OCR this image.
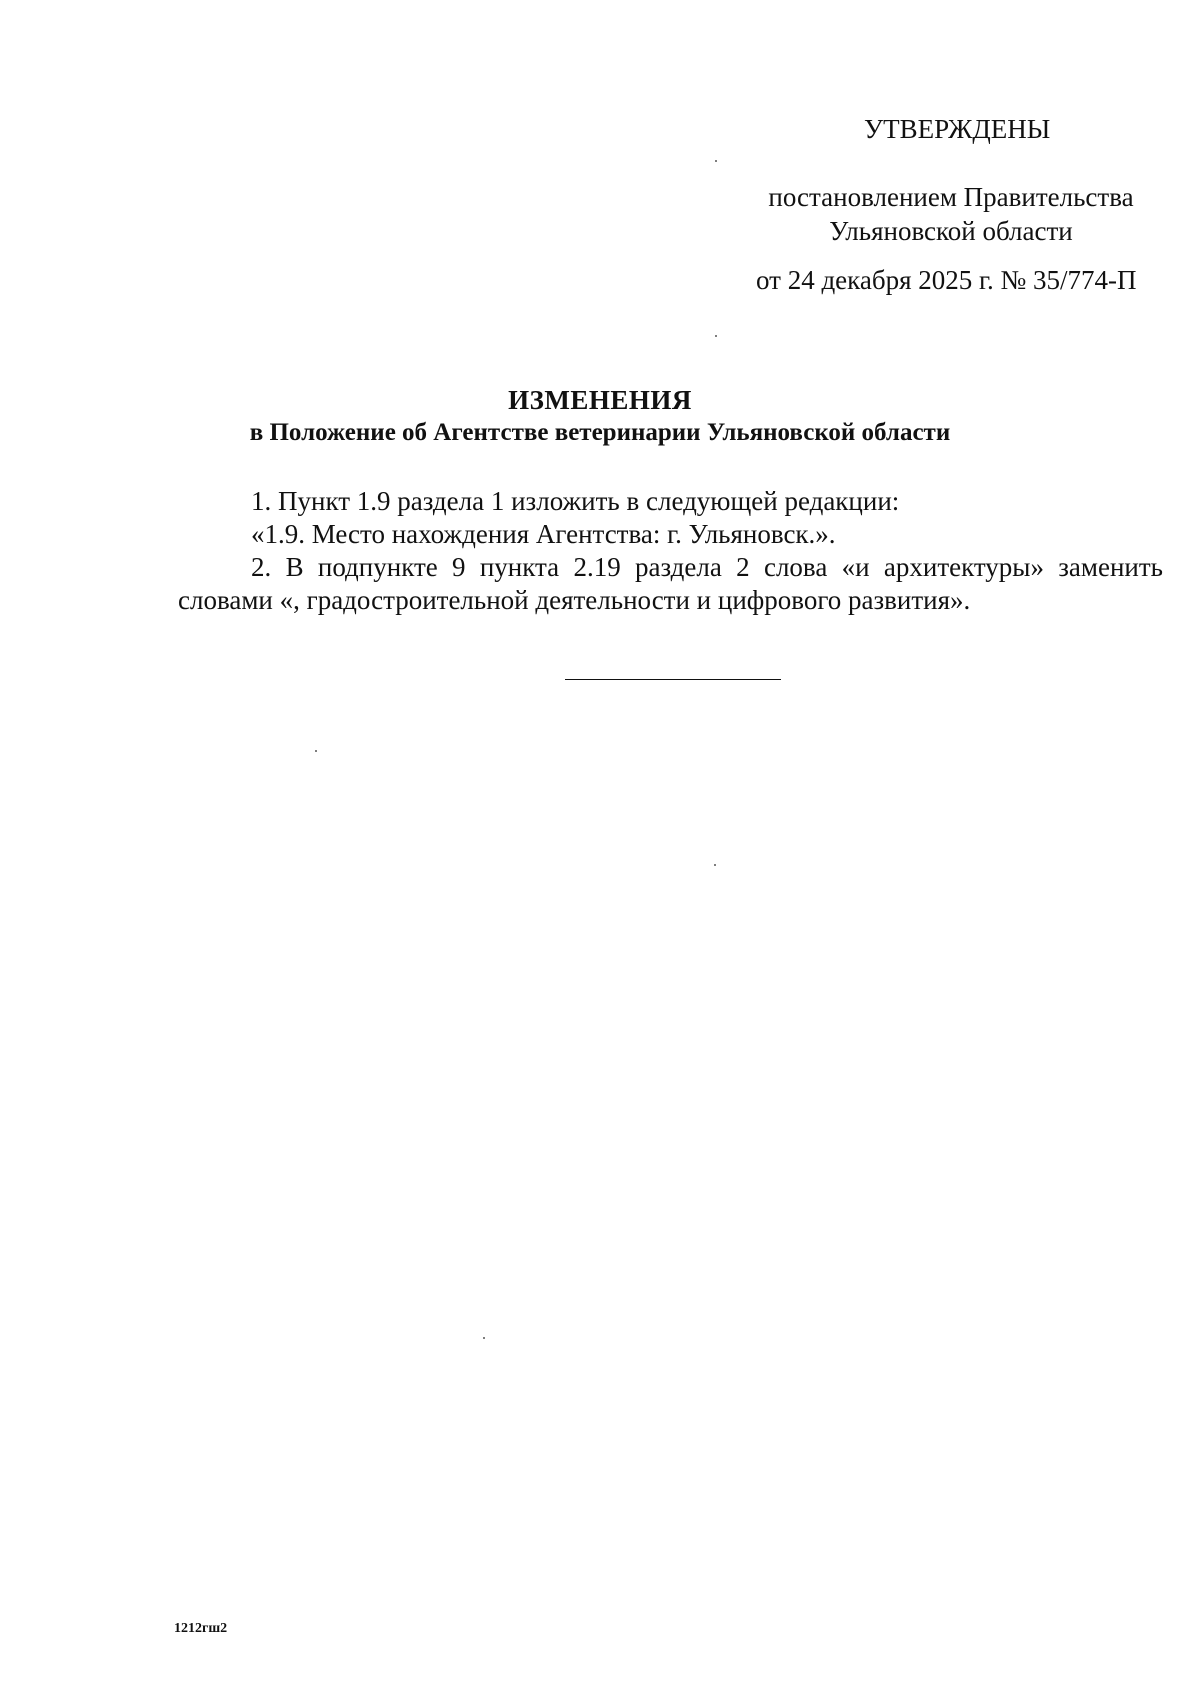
УТВЕРЖДЕНЫ
постановлением Правительства
Ульяновской области
от 24 декабря 2025 г. № 35/774-П
ИЗМЕНЕНИЯ
в Положение об Агентстве ветеринарии Ульяновской области

1. Пункт 1.9 раздела 1 изложить в следующей редакции:

«1.9. Место нахождения Агентства: г. Ульяновск.».

2. В подпункте 9 пункта 2.19 раздела 2 слова «и архитектуры» заменить словами «, градостроительной деятельности и цифрового развития».

1212гш2
